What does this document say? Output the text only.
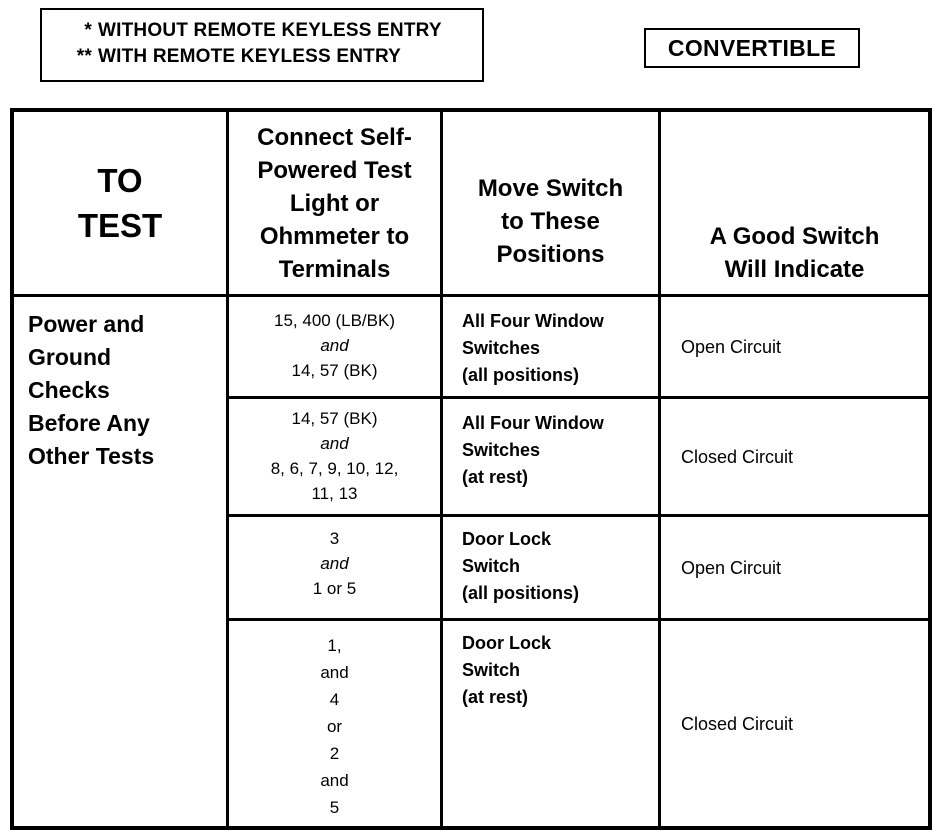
* WITHOUT REMOTE KEYLESS ENTRY
** WITH REMOTE KEYLESS ENTRY	CONVERTIBLE
TO
TEST
Connect Self-
Powered Test
Light or
Ohmmeter to
Terminals
Move Switch
to These
Positions
A Good Switch
Will Indicate
Power and
Ground
Checks
Before Any
Other Tests
15, 400 (LB/BK)
and
14, 57 (BK)
All Four Window
Switches
(all positions)
Open Circuit
14, 57 (BK)
and
8, 6, 7, 9, 10, 12,
11, 13
All Four Window
Switches
(at rest)
Closed Circuit
3
and
1 or 5
Door Lock
Switch
(all positions)
Open Circuit
1,
and
4
or
2
and
5
Door Lock
Switch
(at rest)
Closed Circuit
